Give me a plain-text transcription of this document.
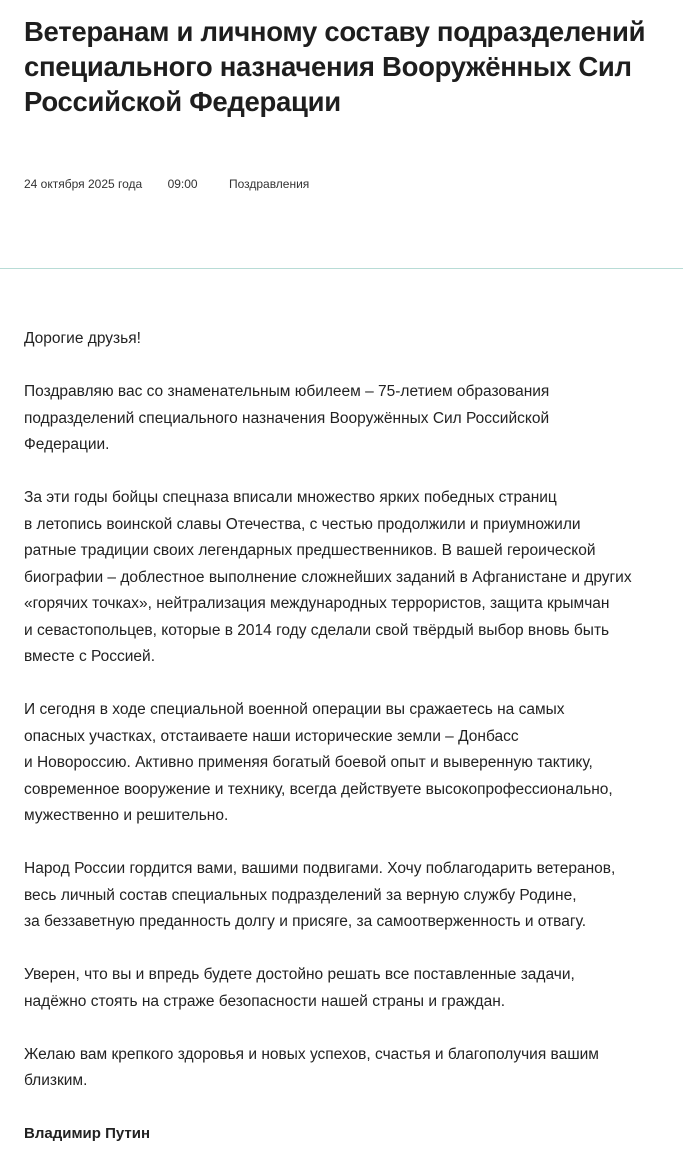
Ветеранам и личному составу подразделений
специального назначения Вооружённых Сил
Российской Федерации
24 октября 2025 года 09:00	Поздравления

Дорогие друзья!

Поздравляю вас со знаменательным юбилеем – 75-летием образования
подразделений специального назначения Вооружённых Сил Российской
Федерации.

За эти годы бойцы спецназа вписали множество ярких победных страниц
в летопись воинской славы Отечества, с честью продолжили и приумножили
ратные традиции своих легендарных предшественников. В вашей героической
биографии – доблестное выполнение сложнейших заданий в Афганистане и других
«горячих точках», нейтрализация международных террористов, защита крымчан
и севастопольцев, которые в 2014 году сделали свой твёрдый выбор вновь быть
вместе с Россией.

И сегодня в ходе специальной военной операции вы сражаетесь на самых
опасных участках, отстаиваете наши исторические земли – Донбасс
и Новороссию. Активно применяя богатый боевой опыт и выверенную тактику,
современное вооружение и технику, всегда действуете высокопрофессионально,
мужественно и решительно.

Народ России гордится вами, вашими подвигами. Хочу поблагодарить ветеранов,
весь личный состав специальных подразделений за верную службу Родине,
за беззаветную преданность долгу и присяге, за самоотверженность и отвагу.

Уверен, что вы и впредь будете достойно решать все поставленные задачи,
надёжно стоять на страже безопасности нашей страны и граждан.

Желаю вам крепкого здоровья и новых успехов, счастья и благополучия вашим
близким.

Владимир Путин
